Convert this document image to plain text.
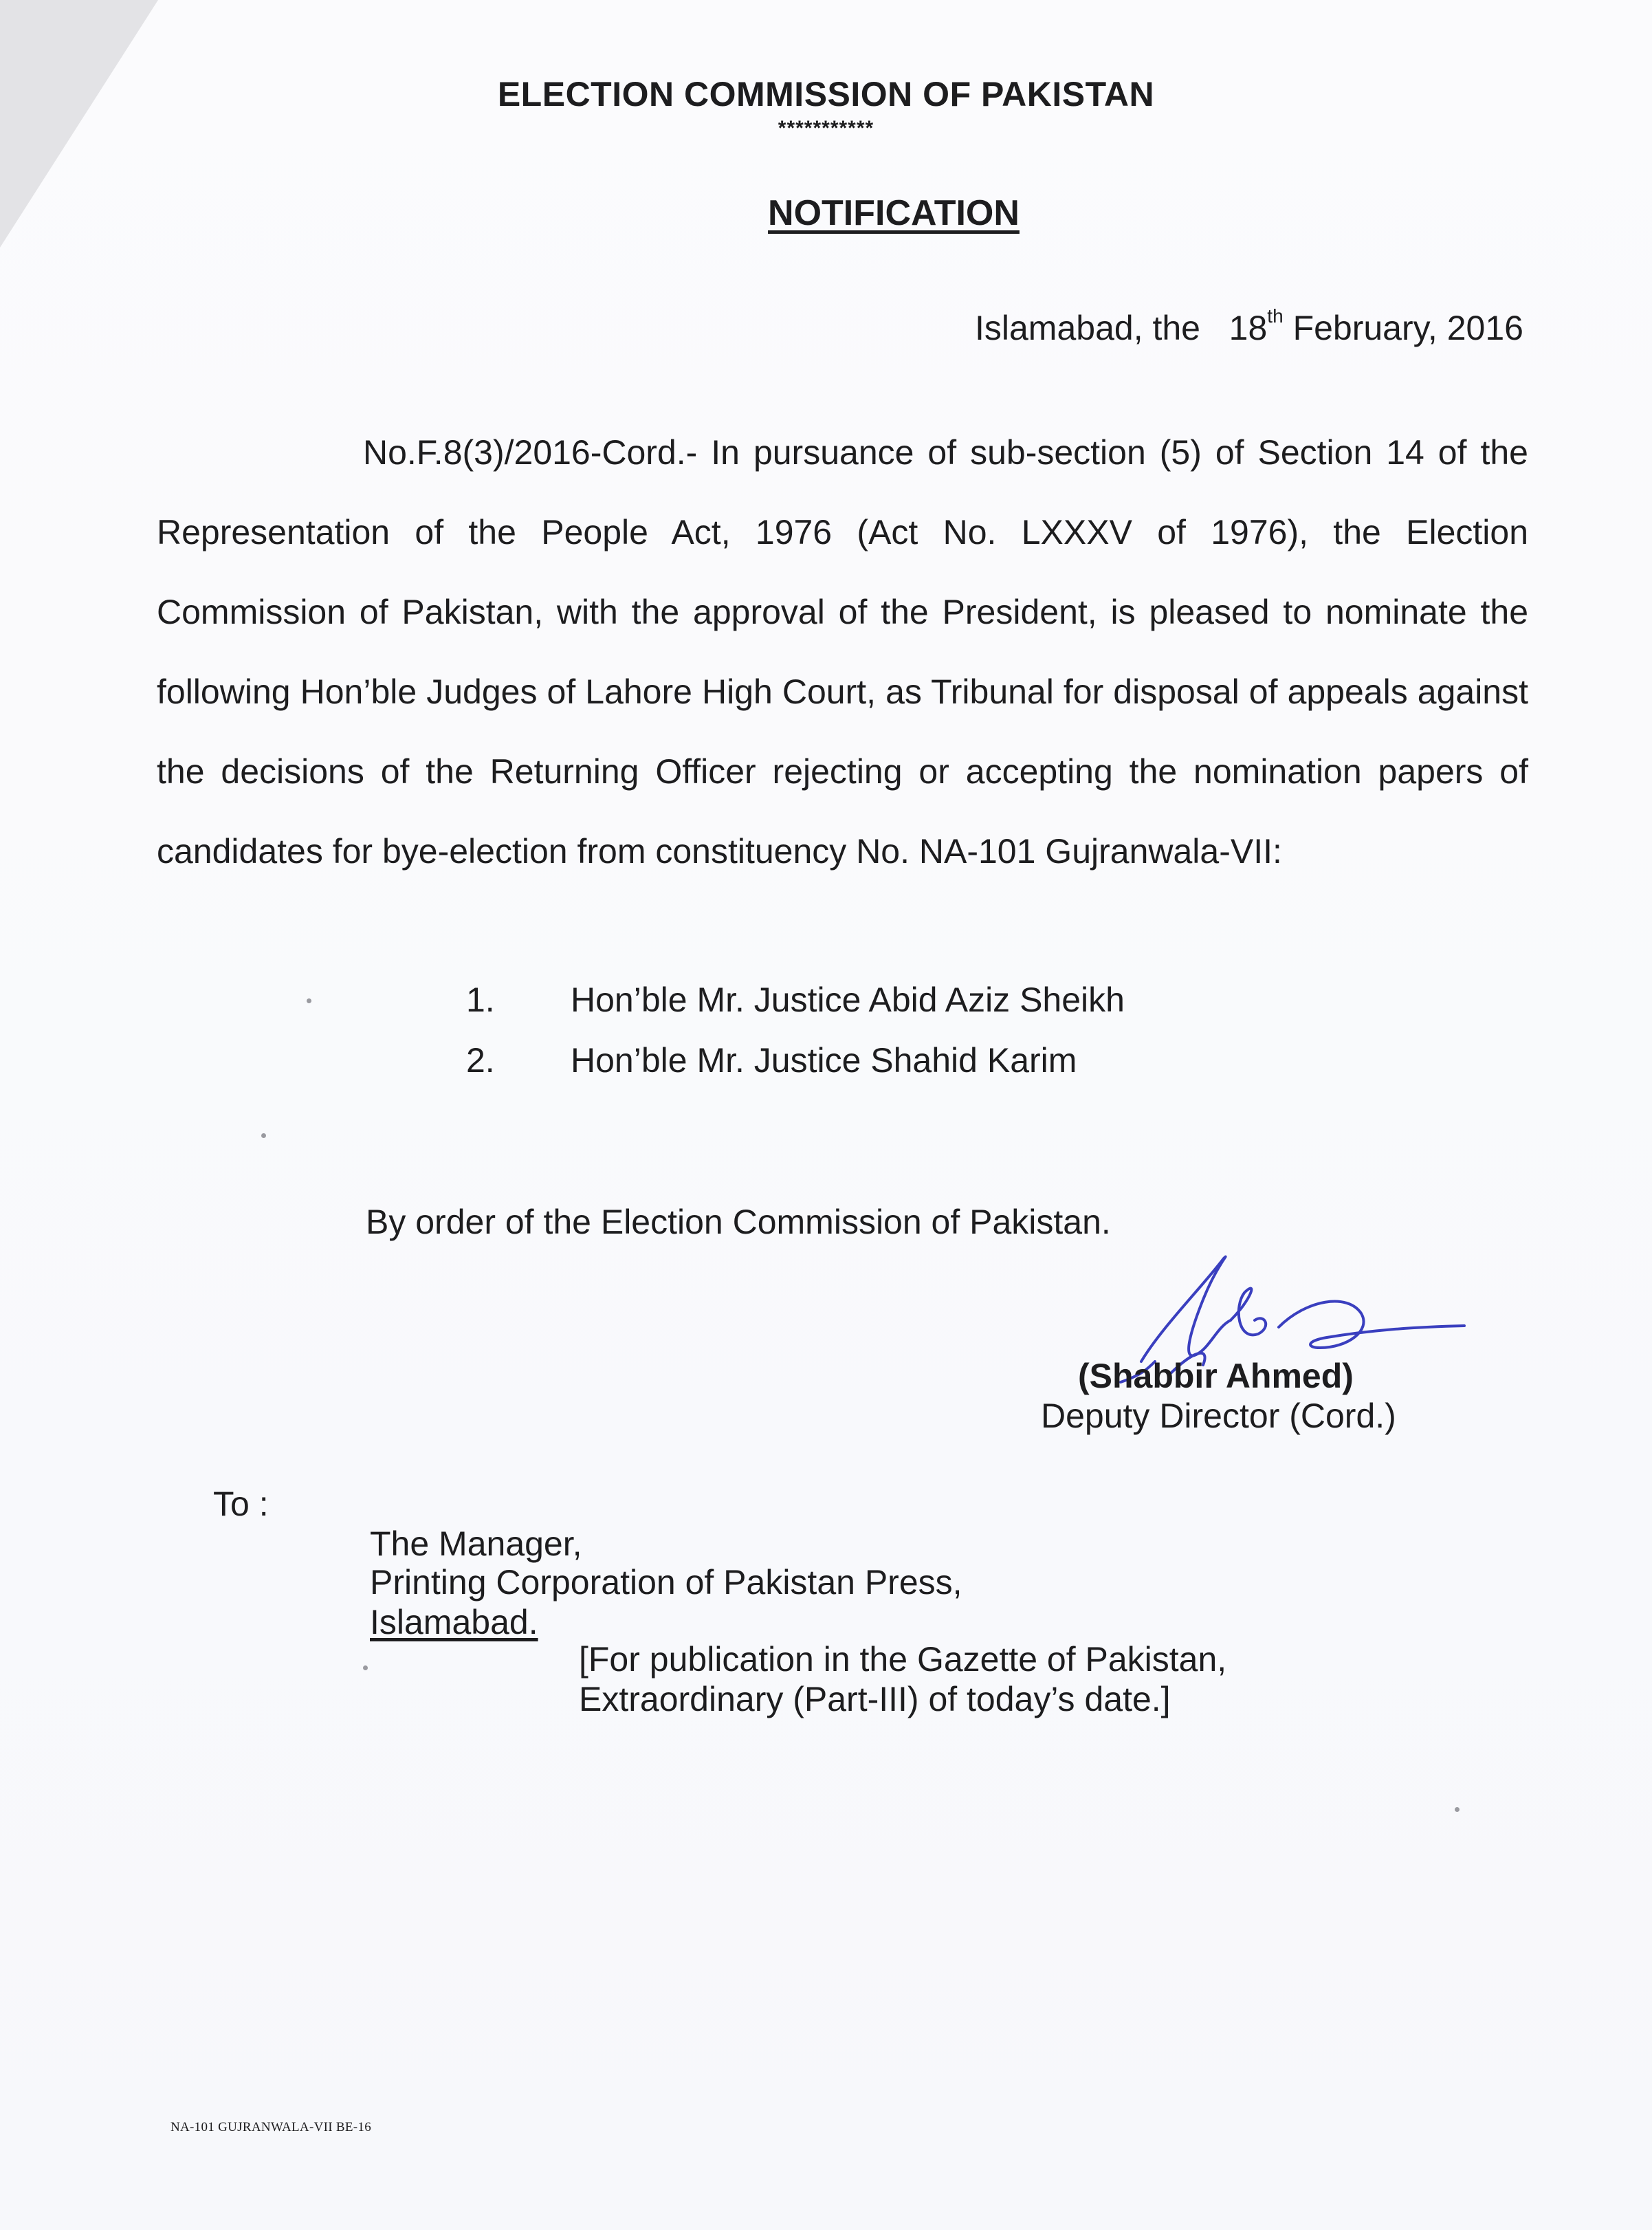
ELECTION COMMISSION OF PAKISTAN
***********
NOTIFICATION
Islamabad, the 18th February, 2016
No.F.8(3)/2016-Cord.- In pursuance of sub-section (5) of Section 14 of the Representation of the People Act, 1976 (Act No. LXXXV of 1976), the Election Commission of Pakistan, with the approval of the President, is pleased to nominate the following Hon’ble Judges of Lahore High Court, as Tribunal for disposal of appeals against the decisions of the Returning Officer rejecting or accepting the nomination papers of candidates for bye-election from constituency No. NA-101 Gujranwala-VII:
1. Hon’ble Mr. Justice Abid Aziz Sheikh
2. Hon’ble Mr. Justice Shahid Karim
By order of the Election Commission of Pakistan.
(Shabbir Ahmed)
Deputy Director (Cord.)
To :
The Manager,
Printing Corporation of Pakistan Press,
Islamabad.
[For publication in the Gazette of Pakistan,
Extraordinary (Part-III) of today’s date.]
NA-101 GUJRANWALA-VII BE-16
